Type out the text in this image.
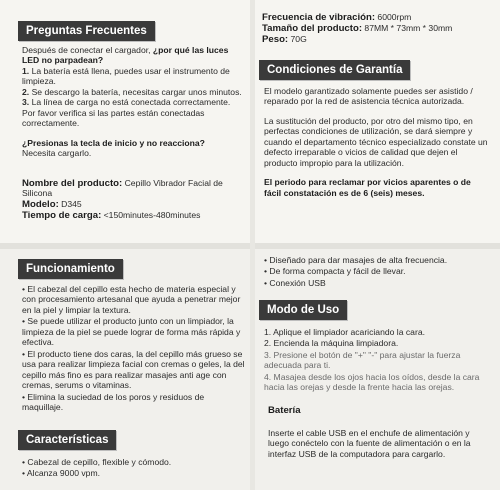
Preguntas Frecuentes

Después de conectar el cargador, ¿por qué las luces LED no parpadean?

1. La batería está llena, puedes usar el instrumento de limpieza.
2. Se descargo la batería, necesitas cargar unos minutos.
3. La línea de carga no está conectada correctamente.
Por favor verifica si las partes están conectadas correctamente.
¿Presionas la tecla de inicio y no reacciona?
Necesita cargarlo.
Nombre del producto: Cepillo Vibrador Facial de Silicona
Modelo: D345
Tiempo de carga: <150minutes-480minutes
Frecuencia de vibración: 6000rpm
Tamaño del producto: 87MM * 73mm * 30mm
Peso: 70G
Condiciones de Garantía

El modelo garantizado solamente puedes ser asistido / reparado por la red de asistencia técnica autorizada.

La sustitución del producto, por otro del mismo tipo, en perfectas condiciones de utilización, se dará siempre y cuando el departamento técnico especializado constate un defecto irreparable o vicios de calidad que dejen el producto impropio para la utilización.

El periodo para reclamar por vicios aparentes o de fácil constatación es de 6 (seis) meses.

Funcionamiento
• El cabezal del cepillo esta hecho de materia especial y con procesamiento artesanal que ayuda a penetrar mejor en la piel y limpiar la textura.
• Se puede utilizar el producto junto con un limpiador, la limpieza de la piel se puede lograr de forma más rápida y efectiva.
• El producto tiene dos caras, la del cepillo más grueso se usa para realizar limpieza facial con cremas o geles, la del cepillo más fino es para realizar masajes anti age con cremas, serums o vitaminas.
• Elimina la suciedad de los poros y residuos de maquillaje.
Características
• Cabezal de cepillo, flexible y cómodo.
• Alcanza 9000 vpm.
• Diseñado para dar masajes de alta frecuencia.
• De forma compacta y fácil de llevar.
• Conexión USB
Modo de Uso
1. Aplique el limpiador acariciando la cara.
2. Encienda la máquina limpiadora.
3. Presione el botón de "+" "-" para ajustar la fuerza adecuada para ti.
4. Masajea desde los ojos hacia los oídos, desde la cara hacia las orejas y desde la frente hacia las orejas.
Batería
Inserte el cable USB en el enchufe de alimentación y luego conéctelo con la fuente de alimentación o en la interfaz USB de la computadora para cargarlo.
